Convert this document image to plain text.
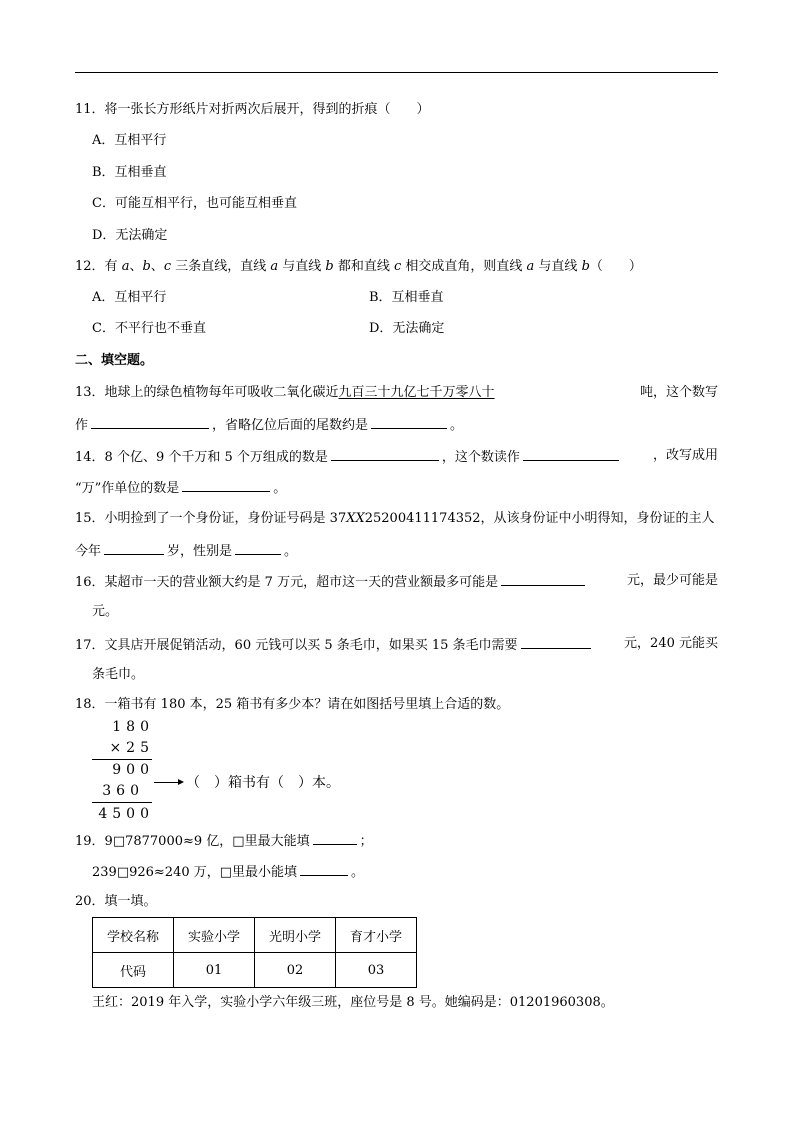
11．将一张长方形纸片对折两次后展开，得到的折痕（　　）
A．互相平行
B．互相垂直
C．可能互相平行，也可能互相垂直
D．无法确定
12．有 a、b、c 三条直线，直线 a 与直线 b 都和直线 c 相交成直角，则直线 a 与直线 b（　　）
A．互相平行	B．互相垂直
C．不平行也不垂直	D．无法确定
二、填空题。
13．地球上的绿色植物每年可吸收二氧化碳近九百三十九亿七千万零八十	吨，这个数写
作	，省略亿位后面的尾数约是	。
14．8 个亿、9 个千万和 5 个万组成的数是	，这个数读作	，改写成用
“万”作单位的数是	。
15．小明捡到了一个身份证，身份证号码是 37XX25200411174352，从该身份证中小明得知，身份证的主人
今年	岁，性别是	。
16．某超市一天的营业额大约是 7 万元，超市这一天的营业额最多可能是	元，最少可能是
元。
17．文具店开展促销活动，60 元钱可以买 5 条毛巾，如果买 15 条毛巾需要	元，240 元能买
条毛巾。
18．一箱书有 180 本，25 箱书有多少本？请在如图括号里填上合适的数。
180
×25
900
360
4500
（　）箱书有（　）本。
19．9□7877000≈9 亿，□里最大能填	；
239□926≈240 万，□里最小能填	。
20．填一填。
学校名称	实验小学	光明小学	育才小学
代码	01	02	03
王红：2019 年入学，实验小学六年级三班，座位号是 8 号。她编码是：01201960308。
